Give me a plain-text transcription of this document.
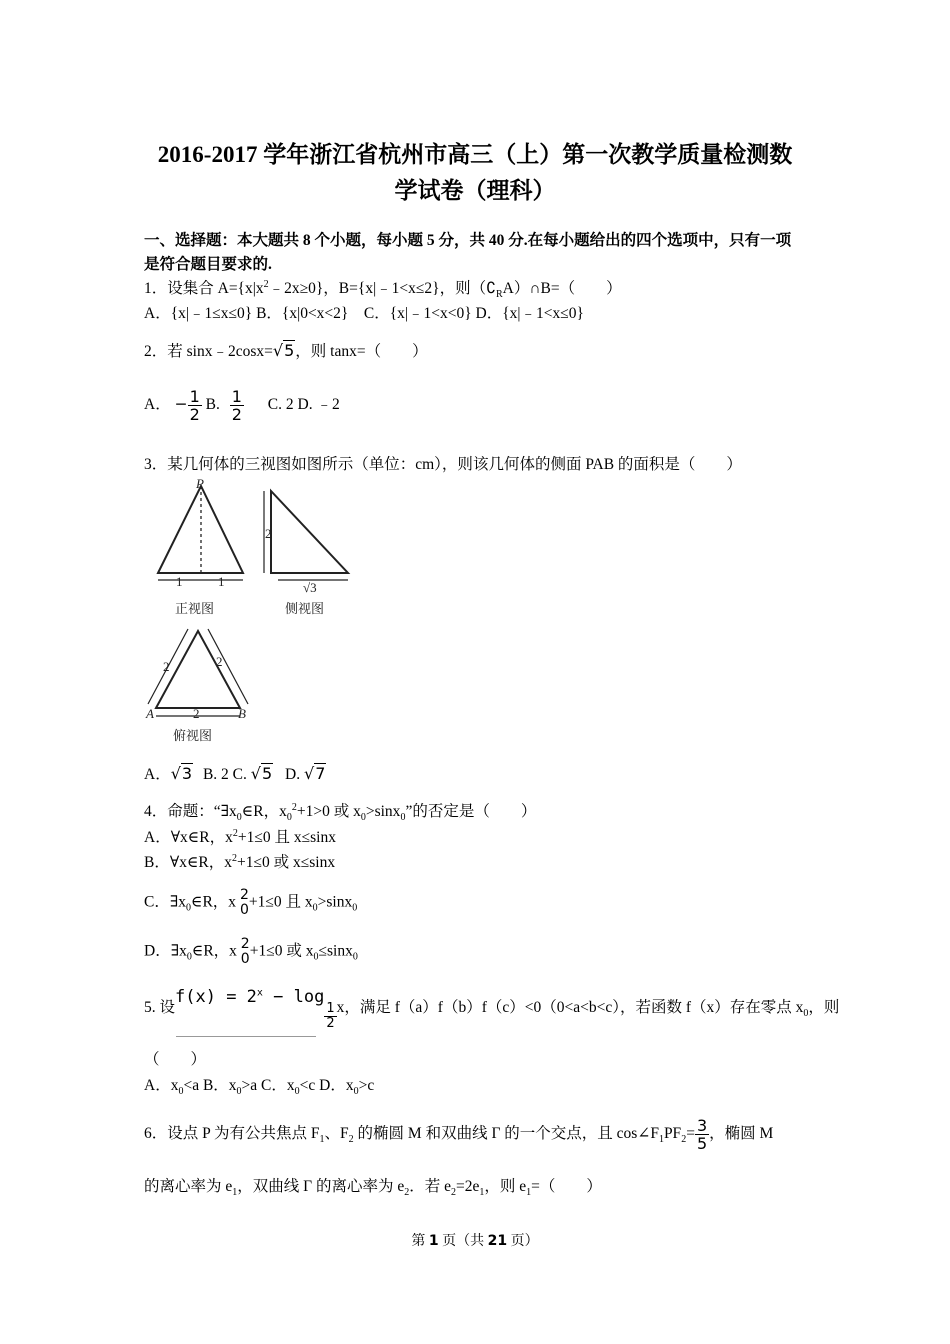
2016-2017 学年浙江省杭州市高三（上）第一次教学质量检测数
学试卷（理科）
一、选择题：本大题共 8 个小题，每小题 5 分，共 40 分.在每小题给出的四个选项中，只有一项
是符合题目要求的.
1．设集合 $A=\{x|x^2﹣2x\ge 0\}$，B={x|﹣1<x≤2}，则$(∁_RA)\cap B=$（　　）
A．{x|﹣1≤x≤0} B．{x|0<x<2}　C．{x|﹣1<x<0} D．{x|﹣1<x≤0}
2．若 sinx﹣2cosx=√5，则 tanx=（　　）
A． − $\frac{1}{2} B$. $\frac{1}{2} C$. 2 D. ﹣2
3．某几何体的三视图如图所示（单位：cm），则该几何体的侧面 PAB 的面积是（　　）
P
1	1
2
√3
正视图	侧视图
2	2
A	B
2
俯视图
A．√3 B. 2 C. √5 D. √7
4．命题：“$\exists x_0\in R$，$x_0^2+1>0$ 或 $x_0>\sin x_0$”的否定是（　　）
A．∀x∈R，$x^2+1\le 0$ 且 x≤sinx
B．∀x∈R，$x^2+1\le 0$ 或 x≤sinx
C．$\exists x_0\in R$，x 2
0 +1≤0 且 $x_0>\sin x_0$
D．$\exists x_0\in R$，x 2
0 +1≤0 或 $x_0\le\sin x_0$
5. 设$f(x) = 2^x - \log$
$\frac{1}{2}$ x，满足 f（a）f（b）f（c）<0（0<a<b<c），若函数 f（x）存在零点 $x_0$，则
（　　）
A．$x_0<a$ B．$x_0>a$ C．$x_0<c$ D．$x_0>c$
6．设点 P 为有公共焦点 $F_1$、$F_2$ 的椭圆 M 和双曲线 Γ 的一个交点，且 $\cos\angle F_1PF_2= \frac{3}{5}$ ，椭圆 M
的离心率为 $e_1$，双曲线 Γ 的离心率为 $e_2$．若 $e_2=2e_1$，则 $e_1=$（　　）
第 1 页（共 21 页）
